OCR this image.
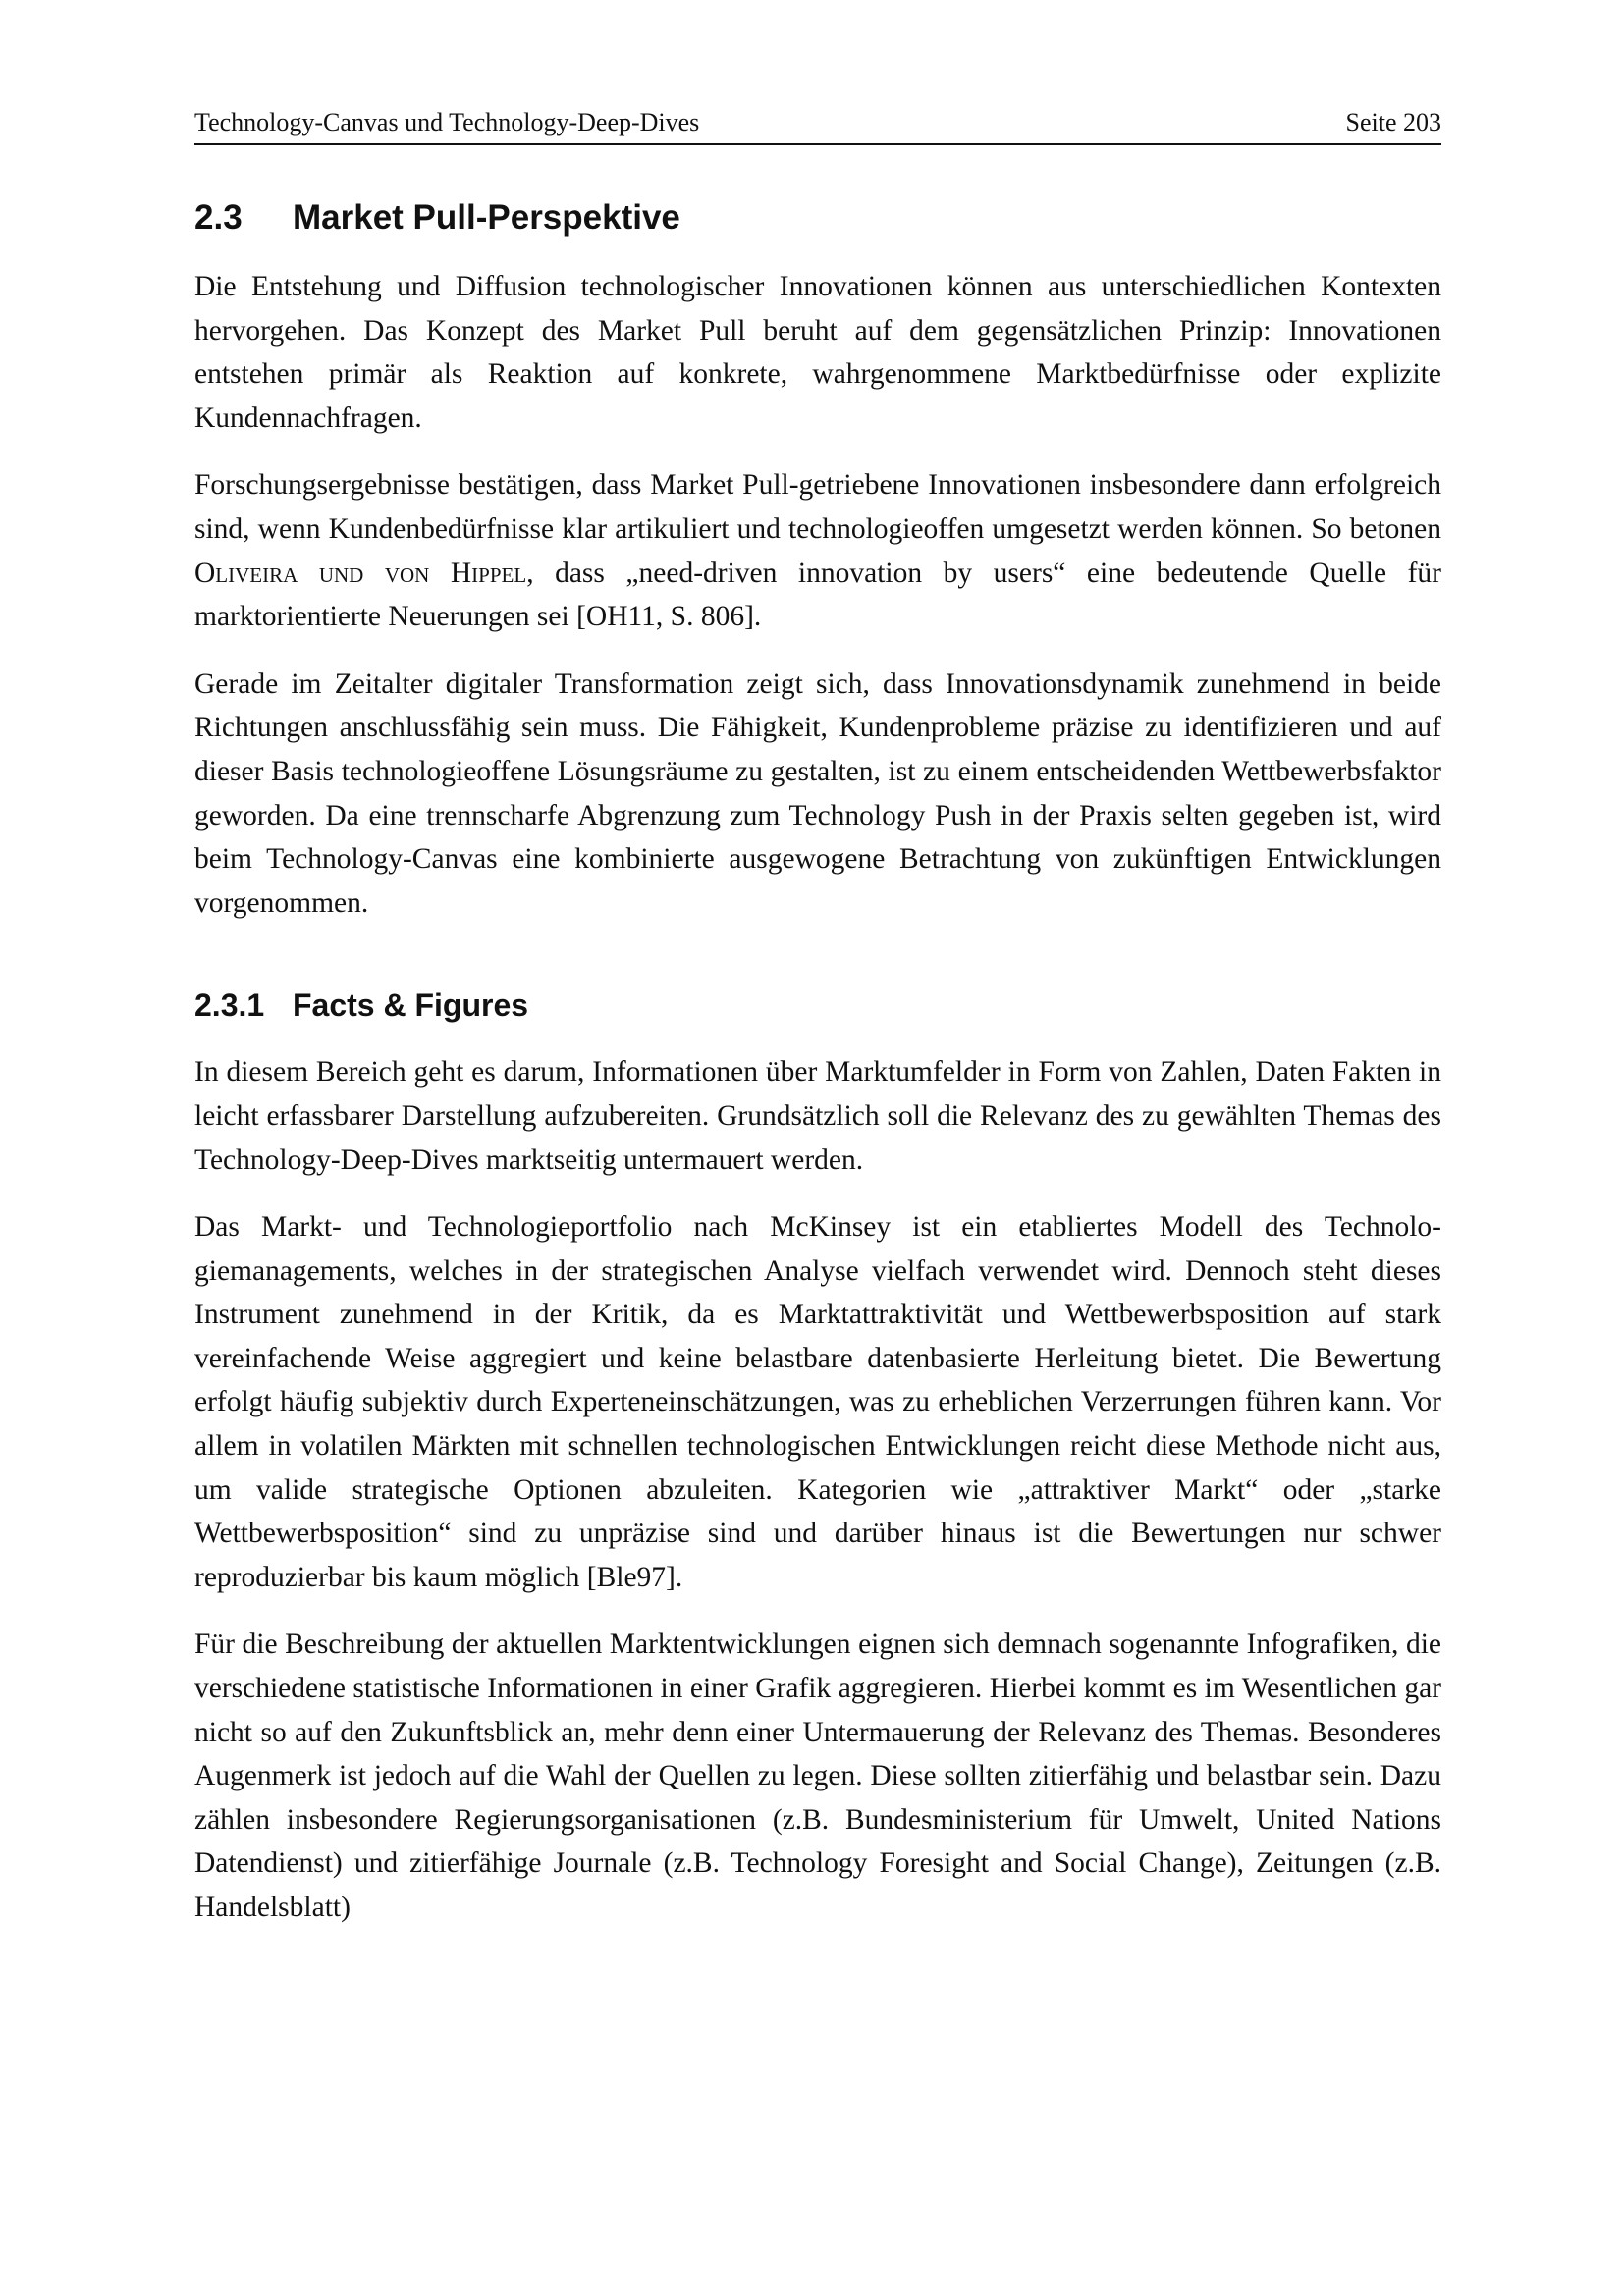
Technology-Canvas und Technology-Deep-Dives	Seite 203
2.3	Market Pull-Perspektive

Die Entstehung und Diffusion technologischer Innovationen können aus unterschiedlichen Kontexten hervorgehen. Das Konzept des Market Pull beruht auf dem gegensätzlichen Prinzip: Innovationen entstehen primär als Reaktion auf konkrete, wahrgenommene Marktbedürfnisse oder explizite Kundennachfragen.

Forschungsergebnisse bestätigen, dass Market Pull-getriebene Innovationen insbesondere dann erfolgreich sind, wenn Kundenbedürfnisse klar artikuliert und technologieoffen umgesetzt werden können. So betonen Oliveira und von Hippel, dass „need-driven innovation by users“ eine bedeutende Quelle für marktorientierte Neuerungen sei [OH11, S. 806].

Gerade im Zeitalter digitaler Transformation zeigt sich, dass Innovationsdynamik zunehmend in beide Richtungen anschlussfähig sein muss. Die Fähigkeit, Kundenprobleme präzise zu identifizieren und auf dieser Basis technologieoffene Lösungsräume zu gestalten, ist zu einem entscheidenden Wettbewerbsfaktor geworden. Da eine trennscharfe Abgrenzung zum Technology Push in der Praxis selten gegeben ist, wird beim Technology-Canvas eine kombinierte ausgewogene Betrachtung von zukünftigen Entwicklungen vorgenommen.

2.3.1 Facts & Figures

In diesem Bereich geht es darum, Informationen über Marktumfelder in Form von Zahlen, Daten Fakten in leicht erfassbarer Darstellung aufzubereiten. Grundsätzlich soll die Relevanz des zu gewählten Themas des Technology-Deep-Dives marktseitig untermauert werden.

Das Markt- und Technologieportfolio nach McKinsey ist ein etabliertes Modell des Technologiemanagements, welches in der strategischen Analyse vielfach verwendet wird. Dennoch steht dieses Instrument zunehmend in der Kritik, da es Marktattraktivität und Wettbewerbsposition auf stark vereinfachende Weise aggregiert und keine belastbare datenbasierte Herleitung bietet. Die Bewertung erfolgt häufig subjektiv durch Experteneinschätzungen, was zu erheblichen Verzerrungen führen kann. Vor allem in volatilen Märkten mit schnellen technologischen Entwicklungen reicht diese Methode nicht aus, um valide strategische Optionen abzuleiten. Kategorien wie „attraktiver Markt“ oder „starke Wettbewerbsposition“ sind zu unpräzise sind und darüber hinaus ist die Bewertungen nur schwer reproduzierbar bis kaum möglich [Ble97].

Für die Beschreibung der aktuellen Marktentwicklungen eignen sich demnach sogenannte Infografiken, die verschiedene statistische Informationen in einer Grafik aggregieren. Hierbei kommt es im Wesentlichen gar nicht so auf den Zukunftsblick an, mehr denn einer Untermauerung der Relevanz des Themas. Besonderes Augenmerk ist jedoch auf die Wahl der Quellen zu legen. Diese sollten zitierfähig und belastbar sein. Dazu zählen insbesondere Regierungsorganisationen (z.B. Bundesministerium für Umwelt, United Nations Datendienst) und zitierfähige Journale (z.B. Technology Foresight and Social Change), Zeitungen (z.B. Handelsblatt)
